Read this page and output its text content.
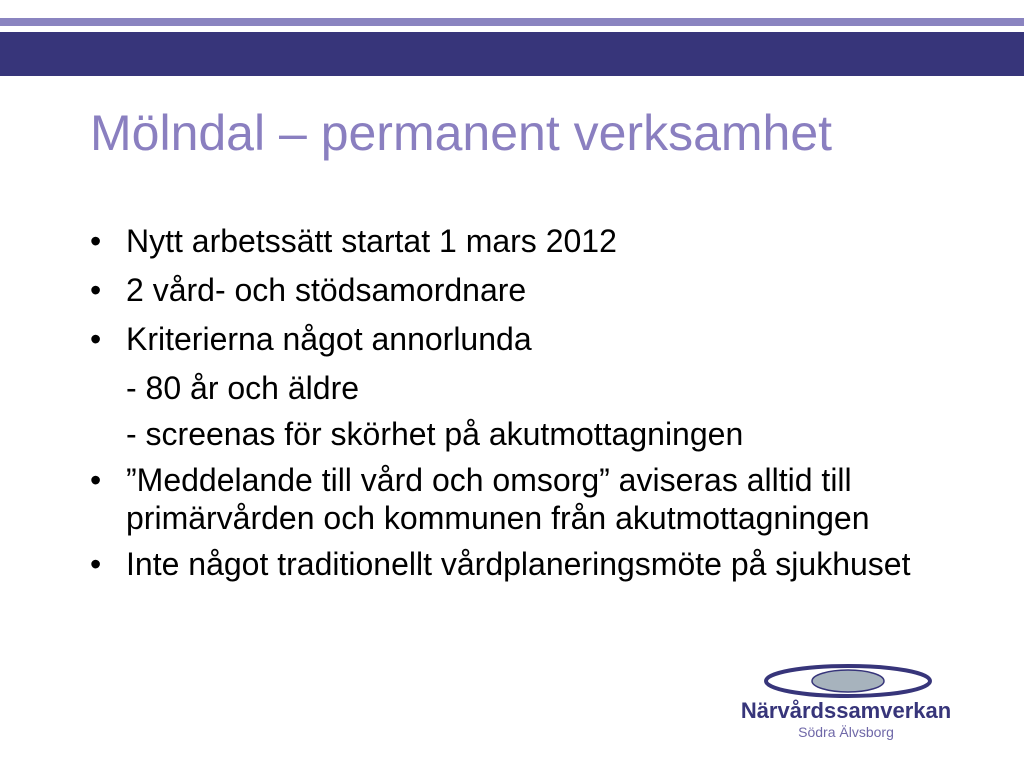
Mölndal – permanent verksamhet
• Nytt arbetssätt startat 1 mars 2012
• 2 vård- och stödsamordnare
• Kriterierna något annorlunda
- 80 år och äldre
- screenas för skörhet på akutmottagningen
• ”Meddelande till vård och omsorg” aviseras alltid till primärvården och kommunen från akutmottagningen
• Inte något traditionellt vårdplaneringsmöte på sjukhuset
Närvårdssamverkan
Södra Älvsborg
